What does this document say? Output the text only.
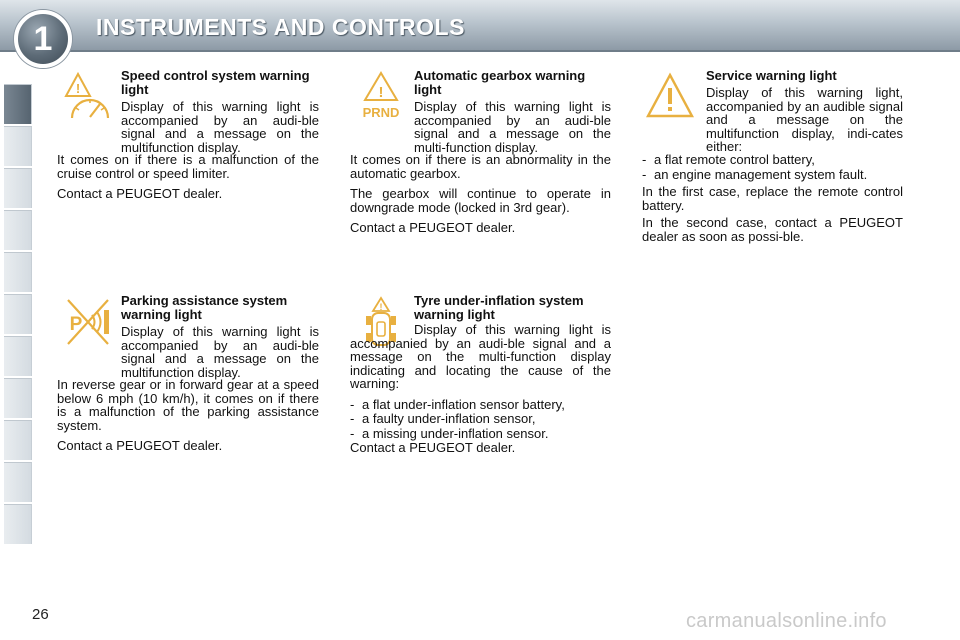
1	INSTRUMENTS AND CONTROLS
!
Speed control system warning light
Display of this warning light is accompanied by an audi-ble signal and a message on the multifunction display.
It comes on if there is a malfunction of the cruise control or speed limiter.
Contact a PEUGEOT dealer.
!
PRND
Automatic gearbox warning light
Display of this warning light is accompanied by an audi-ble signal and a message on the multi-function display.
It comes on if there is an abnormality in the automatic gearbox.
The gearbox will continue to operate in downgrade mode (locked in 3rd gear).
Contact a PEUGEOT dealer.
Service warning light
Display of this warning light, accompanied by an audible signal and a message on the multifunction display, indi-cates either:
- a flat remote control battery,
- an engine management system fault.
In the first case, replace the remote control battery.
In the second case, contact a PEUGEOT dealer as soon as possi-ble.
P
Parking assistance system warning light
Display of this warning light is accompanied by an audi-ble signal and a message on the multifunction display.
In reverse gear or in forward gear at a speed below 6 mph (10 km/h), it comes on if there is a malfunction of the parking assistance system.
Contact a PEUGEOT dealer.
! Tyre under-inflation system warning light
Display of this warning light is accompanied by an audi-ble signal and a message on the multi-function display indicating and locating the cause of the warning:
- a flat under-inflation sensor battery,
- a faulty under-inflation sensor,
- a missing under-inflation sensor.
Contact a PEUGEOT dealer.
26	carmanualsonline.info
